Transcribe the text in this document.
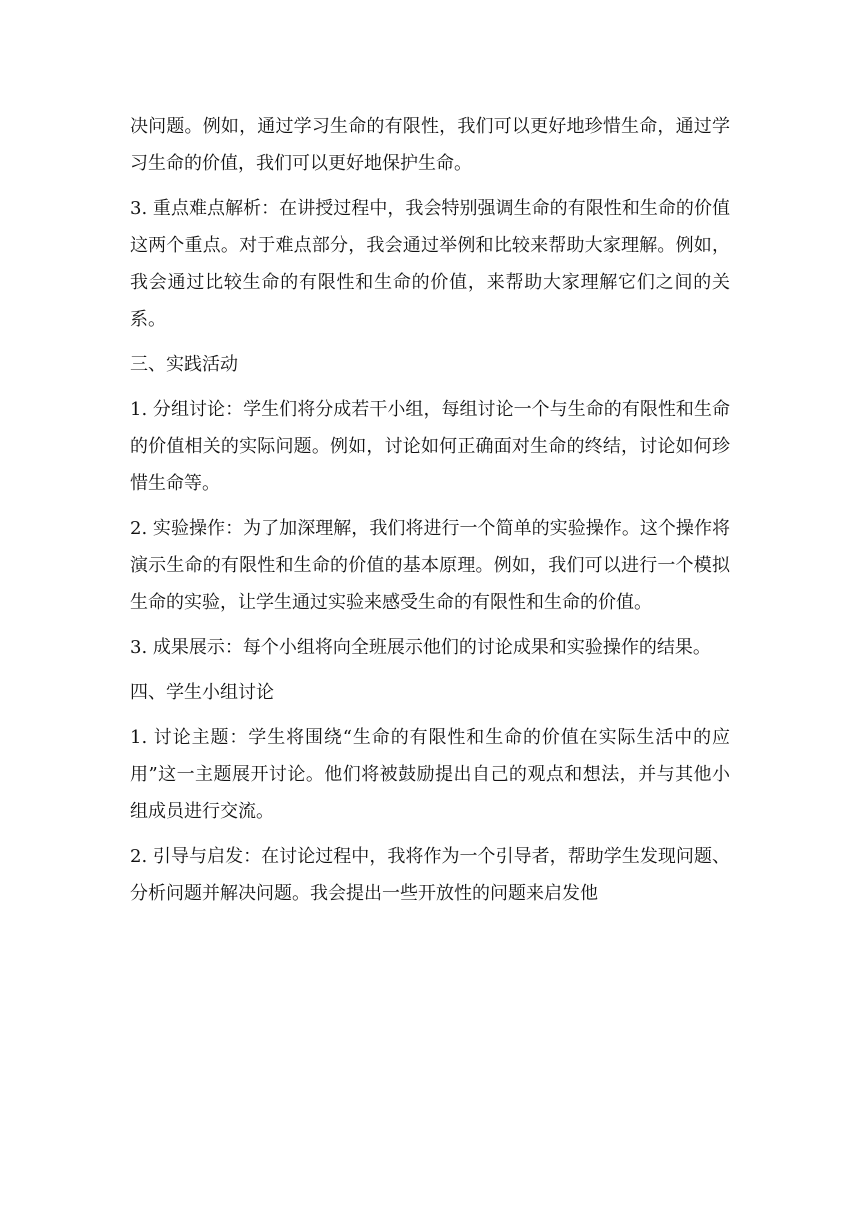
决问题。例如，通过学习生命的有限性，我们可以更好地珍惜生命，通过学习生命的价值，我们可以更好地保护生命。

3. 重点难点解析：在讲授过程中，我会特别强调生命的有限性和生命的价值这两个重点。对于难点部分，我会通过举例和比较来帮助大家理解。例如，我会通过比较生命的有限性和生命的价值，来帮助大家理解它们之间的关系。

三、实践活动

1. 分组讨论：学生们将分成若干小组，每组讨论一个与生命的有限性和生命的价值相关的实际问题。例如，讨论如何正确面对生命的终结，讨论如何珍惜生命等。

2. 实验操作：为了加深理解，我们将进行一个简单的实验操作。这个操作将演示生命的有限性和生命的价值的基本原理。例如，我们可以进行一个模拟生命的实验，让学生通过实验来感受生命的有限性和生命的价值。

3. 成果展示：每个小组将向全班展示他们的讨论成果和实验操作的结果。

四、学生小组讨论

1. 讨论主题：学生将围绕“生命的有限性和生命的价值在实际生活中的应用”这一主题展开讨论。他们将被鼓励提出自己的观点和想法，并与其他小组成员进行交流。

2. 引导与启发：在讨论过程中，我将作为一个引导者，帮助学生发现问题、分析问题并解决问题。我会提出一些开放性的问题来启发他
